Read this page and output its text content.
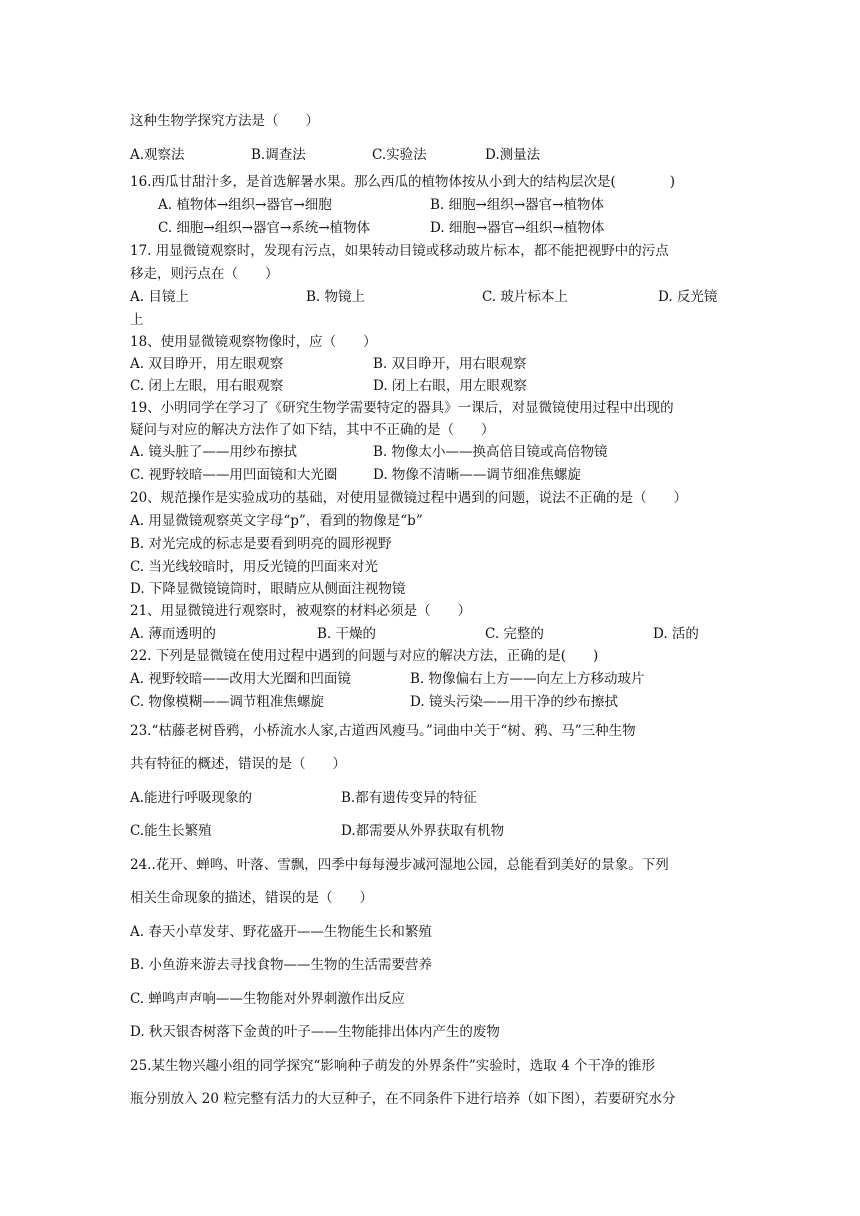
这种生物学探究方法是（　　）
A.观察法	B.调查法	C.实验法	D.测量法
16.西瓜甘甜汁多，是首选解暑水果。那么西瓜的植物体按从小到大的结构层次是(　　　　)
A. 植物体→组织→器官→细胞	B. 细胞→组织→器官→植物体
C. 细胞→组织→器官→系统→植物体	D. 细胞→器官→组织→植物体
17. 用显微镜观察时，发现有污点，如果转动目镜或移动玻片标本，都不能把视野中的污点
移走，则污点在（　　）
A. 目镜上	B. 物镜上	C. 玻片标本上	D. 反光镜
上
18、使用显微镜观察物像时，应（　　）
A. 双目睁开，用左眼观察	B. 双目睁开，用右眼观察
C. 闭上左眼，用右眼观察	D. 闭上右眼，用左眼观察
19、小明同学在学习了《研究生物学需要特定的器具》一课后，对显微镜使用过程中出现的
疑问与对应的解决方法作了如下结，其中不正确的是（　　）
A. 镜头脏了——用纱布擦拭	B. 物像太小——换高倍目镜或高倍物镜
C. 视野较暗——用凹面镜和大光圈	D. 物像不清晰——调节细准焦螺旋
20、规范操作是实验成功的基础，对使用显微镜过程中遇到的问题，说法不正确的是（　　）
A. 用显微镜观察英文字母“p”，看到的物像是“b”
B. 对光完成的标志是要看到明亮的圆形视野
C. 当光线较暗时，用反光镜的凹面来对光
D. 下降显微镜镜筒时，眼睛应从侧面注视物镜
21、用显微镜进行观察时，被观察的材料必须是（　　）
A. 薄而透明的	B. 干燥的	C. 完整的	D. 活的
22. 下列是显微镜在使用过程中遇到的问题与对应的解决方法，正确的是(　　)
A. 视野较暗——改用大光圈和凹面镜	B. 物像偏右上方——向左上方移动玻片
C. 物像模糊——调节粗准焦螺旋	D. 镜头污染——用干净的纱布擦拭
23.“枯藤老树昏鸦，小桥流水人家,古道西风瘦马。”词曲中关于“树、鸦、马”三种生物
共有特征的概述，错误的是（　　）
A.能进行呼吸现象的	B.都有遗传变异的特征
C.能生长繁殖	D.都需要从外界获取有机物
24..花开、蝉鸣、叶落、雪飘，四季中每每漫步减河湿地公园，总能看到美好的景象。下列
相关生命现象的描述，错误的是（　　）
A. 春天小草发芽、野花盛开——生物能生长和繁殖
B. 小鱼游来游去寻找食物——生物的生活需要营养
C. 蝉鸣声声响——生物能对外界刺激作出反应
D. 秋天银杏树落下金黄的叶子——生物能排出体内产生的废物
25.某生物兴趣小组的同学探究“影响种子萌发的外界条件”实验时，选取 4 个干净的锥形
瓶分别放入 20 粒完整有活力的大豆种子，在不同条件下进行培养（如下图），若要研究水分
